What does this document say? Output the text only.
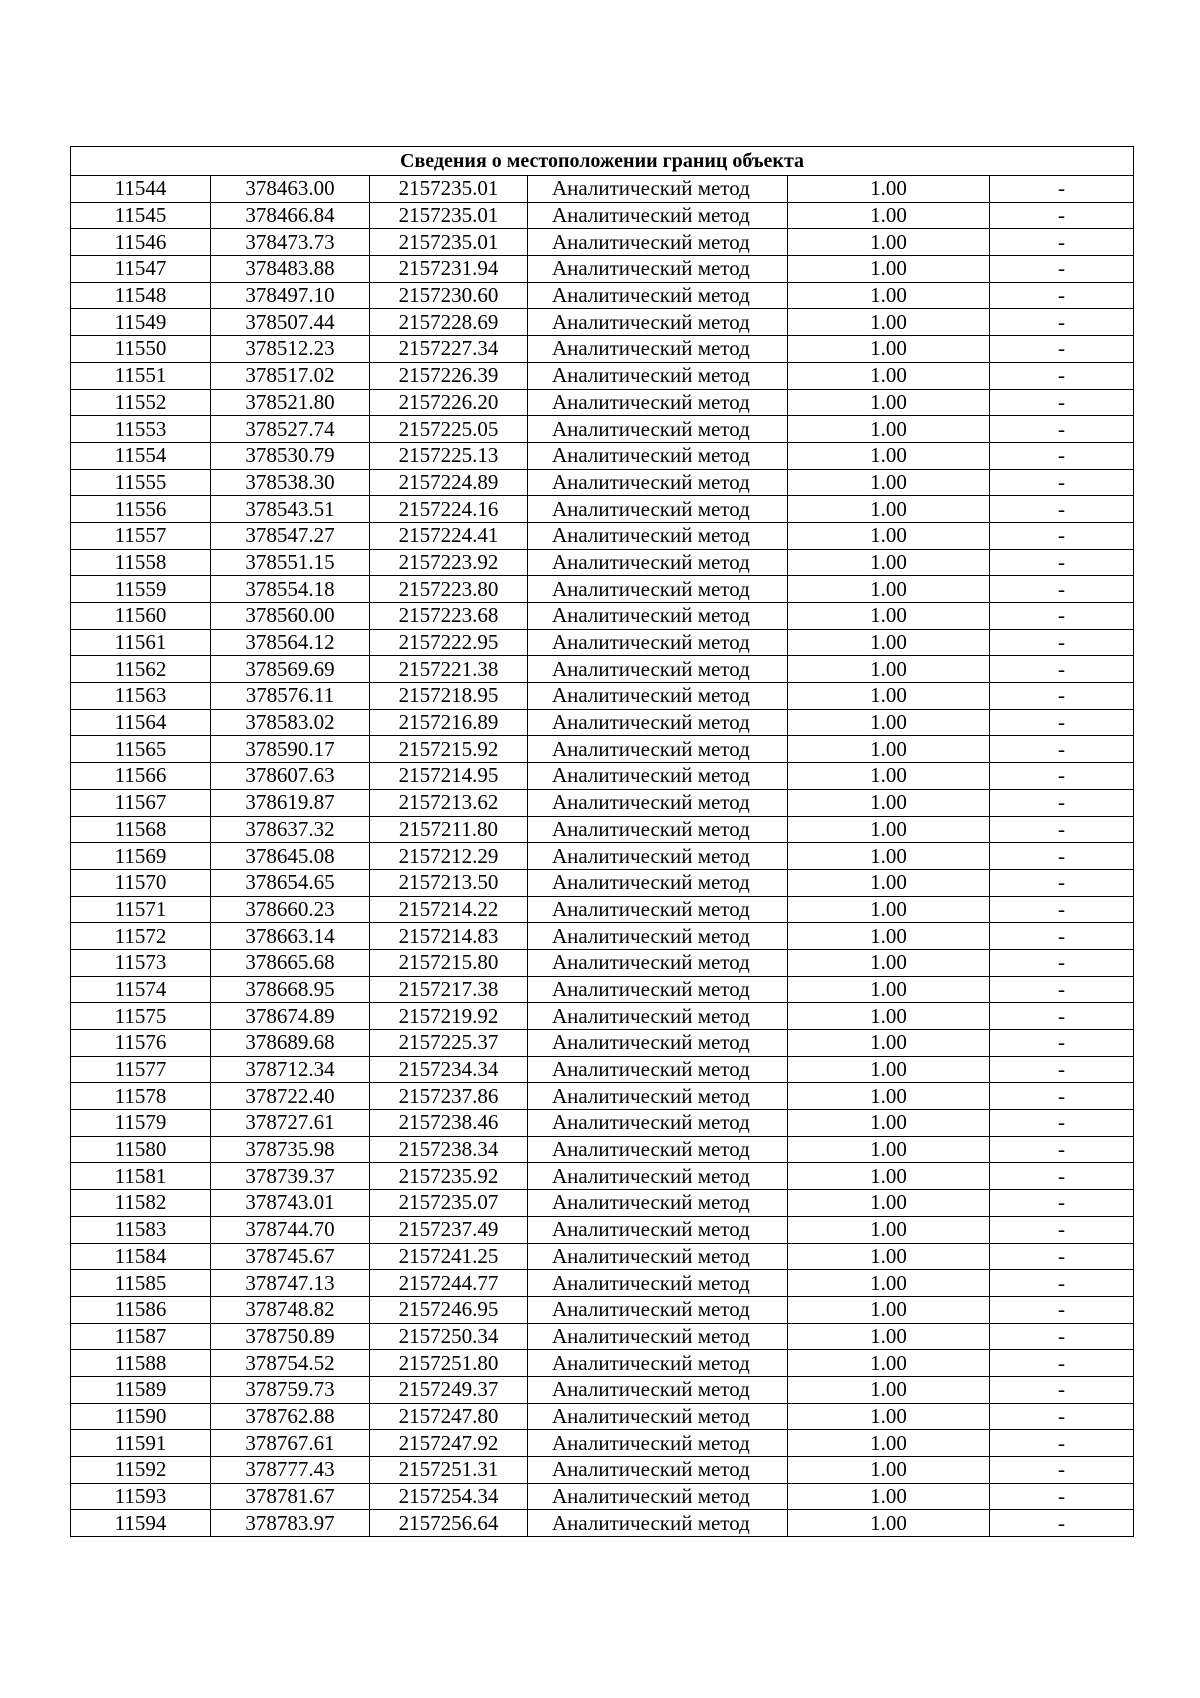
Сведения о местоположении границ объекта					
11544	378463.00	2157235.01	Аналитический метод	1.00	-
11545	378466.84	2157235.01	Аналитический метод	1.00	-
11546	378473.73	2157235.01	Аналитический метод	1.00	-
11547	378483.88	2157231.94	Аналитический метод	1.00	-
11548	378497.10	2157230.60	Аналитический метод	1.00	-
11549	378507.44	2157228.69	Аналитический метод	1.00	-
11550	378512.23	2157227.34	Аналитический метод	1.00	-
11551	378517.02	2157226.39	Аналитический метод	1.00	-
11552	378521.80	2157226.20	Аналитический метод	1.00	-
11553	378527.74	2157225.05	Аналитический метод	1.00	-
11554	378530.79	2157225.13	Аналитический метод	1.00	-
11555	378538.30	2157224.89	Аналитический метод	1.00	-
11556	378543.51	2157224.16	Аналитический метод	1.00	-
11557	378547.27	2157224.41	Аналитический метод	1.00	-
11558	378551.15	2157223.92	Аналитический метод	1.00	-
11559	378554.18	2157223.80	Аналитический метод	1.00	-
11560	378560.00	2157223.68	Аналитический метод	1.00	-
11561	378564.12	2157222.95	Аналитический метод	1.00	-
11562	378569.69	2157221.38	Аналитический метод	1.00	-
11563	378576.11	2157218.95	Аналитический метод	1.00	-
11564	378583.02	2157216.89	Аналитический метод	1.00	-
11565	378590.17	2157215.92	Аналитический метод	1.00	-
11566	378607.63	2157214.95	Аналитический метод	1.00	-
11567	378619.87	2157213.62	Аналитический метод	1.00	-
11568	378637.32	2157211.80	Аналитический метод	1.00	-
11569	378645.08	2157212.29	Аналитический метод	1.00	-
11570	378654.65	2157213.50	Аналитический метод	1.00	-
11571	378660.23	2157214.22	Аналитический метод	1.00	-
11572	378663.14	2157214.83	Аналитический метод	1.00	-
11573	378665.68	2157215.80	Аналитический метод	1.00	-
11574	378668.95	2157217.38	Аналитический метод	1.00	-
11575	378674.89	2157219.92	Аналитический метод	1.00	-
11576	378689.68	2157225.37	Аналитический метод	1.00	-
11577	378712.34	2157234.34	Аналитический метод	1.00	-
11578	378722.40	2157237.86	Аналитический метод	1.00	-
11579	378727.61	2157238.46	Аналитический метод	1.00	-
11580	378735.98	2157238.34	Аналитический метод	1.00	-
11581	378739.37	2157235.92	Аналитический метод	1.00	-
11582	378743.01	2157235.07	Аналитический метод	1.00	-
11583	378744.70	2157237.49	Аналитический метод	1.00	-
11584	378745.67	2157241.25	Аналитический метод	1.00	-
11585	378747.13	2157244.77	Аналитический метод	1.00	-
11586	378748.82	2157246.95	Аналитический метод	1.00	-
11587	378750.89	2157250.34	Аналитический метод	1.00	-
11588	378754.52	2157251.80	Аналитический метод	1.00	-
11589	378759.73	2157249.37	Аналитический метод	1.00	-
11590	378762.88	2157247.80	Аналитический метод	1.00	-
11591	378767.61	2157247.92	Аналитический метод	1.00	-
11592	378777.43	2157251.31	Аналитический метод	1.00	-
11593	378781.67	2157254.34	Аналитический метод	1.00	-
11594	378783.97	2157256.64	Аналитический метод	1.00	-
